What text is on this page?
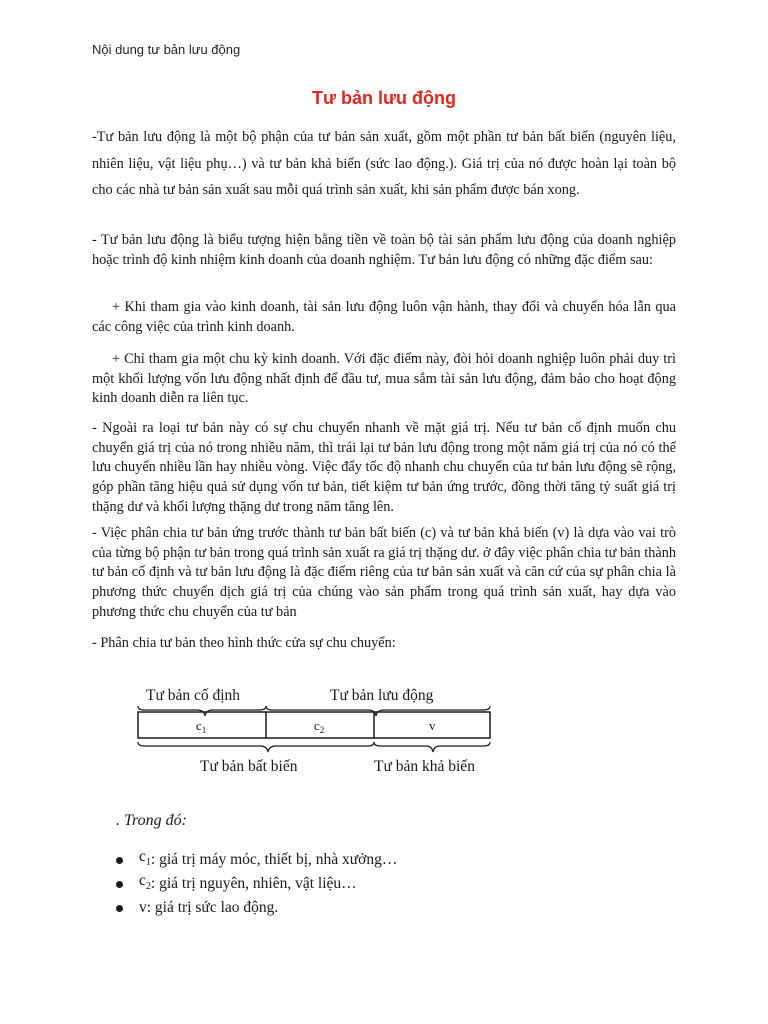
Nội dung tư bản lưu động
Tư bản lưu động

-Tư bản lưu động là một bộ phận của tư bản sản xuất, gồm một phần tư bản bất biến (nguyên liệu, nhiên liệu, vật liệu phụ…) và tư bản khả biến (sức lao động.). Giá trị của nó được hoàn lại toàn bộ cho các nhà tư bản sản xuất sau mỗi quá trình sản xuất, khi sản phẩm được bán xong.

- Tư bản lưu động là biểu tượng hiện bằng tiền về toàn bộ tài sản phẩm lưu động của doanh nghiệp hoặc trình độ kinh nhiệm kinh doanh của doanh nghiệm. Tư bản lưu động có những đặc điểm sau:

+ Khi tham gia vào kinh doanh, tài sản lưu động luôn vận hành, thay đổi và chuyển hóa lẫn qua các công việc của trình kinh doanh.

+ Chỉ tham gia một chu kỳ kinh doanh. Với đặc điểm này, đòi hỏi doanh nghiệp luôn phải duy trì một khối lượng vốn lưu động nhất định để đầu tư, mua sắm tài sản lưu động, đảm bảo cho hoạt động kinh doanh diễn ra liên tục.

- Ngoài ra loại tư bản này có sự chu chuyển nhanh về mặt giá trị. Nếu tư bản cố định muốn chu chuyển giá trị của nó trong nhiều năm, thì trái lại tư bản lưu động trong một năm giá trị của nó có thể lưu chuyển nhiều lần hay nhiều vòng. Việc đẩy tốc độ nhanh chu chuyển của tư bản lưu động sẽ rộng, góp phần tăng hiệu quả sử dụng vốn tư bản, tiết kiệm tư bản ứng trước, đồng thời tăng tỷ suất giá trị thặng dư và khối lượng thặng dư trong năm tăng lên.

- Việc phân chia tư bản ứng trước thành tư bản bất biến (c) và tư bản khả biến (v) là dựa vào vai trò của từng bộ phận tư bản trong quá trình sản xuất ra giá trị thặng dư. ở đây việc phân chia tư bản thành tư bản cố định và tư bản lưu động là đặc điểm riêng của tư bản sản xuất và căn cứ của sự phân chia là phương thức chuyển dịch giá trị của chúng vào sản phẩm trong quá trình sản xuất, hay dựa vào phương thức chu chuyển của tư bản

- Phân chia tư bản theo hình thức cửa sự chu chuyển:

Tư bản cố định	Tư bản lưu động
$c_1$	$c_2$	v
Tư bản bất biến	Tư bản khả biến
. Trong đó:
$c_1$ : giá trị máy móc, thiết bị, nhà xưởng…
$c_2$ : giá trị nguyên, nhiên, vật liệu…
v : giá trị sức lao động.
